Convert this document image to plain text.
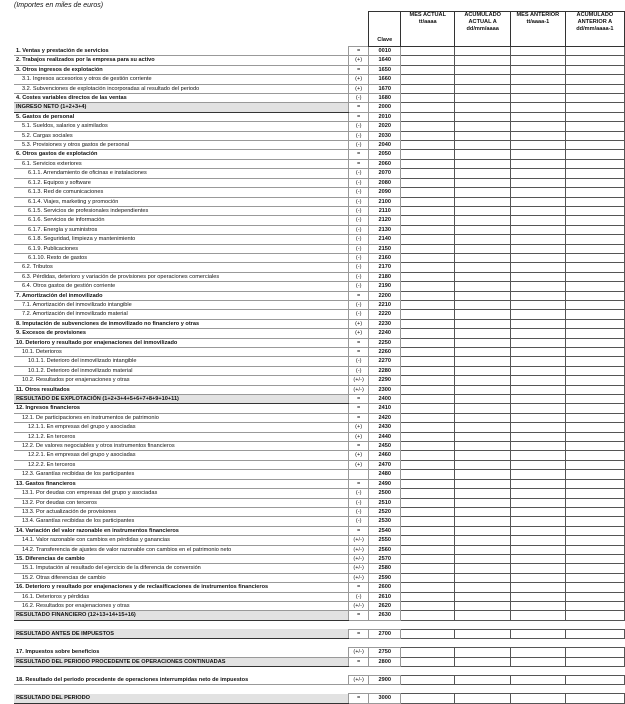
(Importes en miles de euros)
		Clave	MES ACTUAL tt/aaaa	ACUMULADO ACTUAL A dd/mm/aaaa	MES ANTERIOR tt/aaaa-1	ACUMULADO ANTERIOR A dd/mm/aaaa-1
1. Ventas y prestación de servicios	=	0010				
2. Trabajos realizados por la empresa para su activo	(+)	1640				
3. Otros ingresos de explotación	=	1650				
3.1. Ingresos accesorios y otros de gestión corriente	(+)	1660				
3.2. Subvenciones de explotación incorporadas al resultado del periodo	(+)	1670				
4. Costes variables directos de las ventas	(-)	1680				
INGRESO NETO (1+2+3+4)	=	2000				
5. Gastos de personal	=	2010				
5.1. Sueldos, salarios y asimilados	(-)	2020				
5.2. Cargas sociales	(-)	2030				
5.3. Provisiones y otros gastos de personal	(-)	2040				
6. Otros gastos de explotación	=	2050				
6.1. Servicios exteriores	=	2060				
6.1.1. Arrendamiento de oficinas e instalaciones	(-)	2070				
6.1.2. Equipos y software	(-)	2080				
6.1.3. Red de comunicaciones	(-)	2090				
6.1.4. Viajes, marketing y promoción	(-)	2100				
6.1.5. Servicios de profesionales independientes	(-)	2110				
6.1.6. Servicios de información	(-)	2120				
6.1.7. Energía y suministros	(-)	2130				
6.1.8. Seguridad, limpieza y mantenimiento	(-)	2140				
6.1.9. Publicaciones	(-)	2150				
6.1.10. Resto de gastos	(-)	2160				
6.2. Tributos	(-)	2170				
6.3. Pérdidas, deterioro y variación de provisiones por operaciones comerciales	(-)	2180				
6.4. Otros gastos de gestión corriente	(-)	2190				
7. Amortización del inmovilizado	=	2200				
7.1. Amortización del inmovilizado intangible	(-)	2210				
7.2. Amortización del inmovilizado material	(-)	2220				
8. Imputación de subvenciones de inmovilizado no financiero y otras	(+)	2230				
9. Excesos de provisiones	(+)	2240				
10. Deterioro y resultado por enajenaciones del inmovilizado	=	2250				
10.1. Deterioros	=	2260				
10.1.1. Deterioro del inmovilizado intangible	(-)	2270				
10.1.2. Deterioro del inmovilizado material	(-)	2280				
10.2. Resultados por enajenaciones y otras	(+/-)	2290				
11. Otros resultados	(+/-)	2300				
RESULTADO DE EXPLOTACIÓN (1+2+3+4+5+6+7+8+9+10+11)	=	2400				
12. Ingresos financieros	=	2410				
12.1. De participaciones en instrumentos de patrimonio	=	2420				
12.1.1. En empresas del grupo y asociadas	(+)	2430				
12.1.2. En terceros	(+)	2440				
12.2. De valores negociables y otros instrumentos financieros	=	2450				
12.2.1. En empresas del grupo y asociadas	(+)	2460				
12.2.2. En terceros	(+)	2470				
12.3. Garantías recibidas de los participantes		2480				
13. Gastos financieros	=	2490				
13.1. Por deudas con empresas del grupo y asociadas	(-)	2500				
13.2. Por deudas con terceros	(-)	2510				
13.3. Por actualización de provisiones	(-)	2520				
13.4. Garantías recibidas de los participantes	(-)	2530				
14. Variación del valor razonable en instrumentos financieros	=	2540				
14.1. Valor razonable con cambios en pérdidas y ganancias	(+/-)	2550				
14.2. Transferencia de ajustes de valor razonable con cambios en el patrimonio neto	(+/-)	2560				
15. Diferencias de cambio	(+/-)	2570				
15.1. Imputación al resultado del ejercicio de la diferencia de conversión	(+/-)	2580				
15.2. Otras diferencias de cambio	(+/-)	2590				
16. Deterioro y resultado por enajenaciones y de reclasificaciones de instrumentos financieros	=	2600				
16.1. Deterioros y pérdidas	(-)	2610				
16.2. Resultados por enajenaciones y otras	(+/-)	2620				
RESULTADO FINANCIERO (12+13+14+15+16)	=	2630				

RESULTADO ANTES DE IMPUESTOS	=	2700				

17. Impuestos sobre beneficios	(+/-)	2750				
RESULTADO DEL PERIODO PROCEDENTE DE OPERACIONES CONTINUADAS	=	2800				

18. Resultado del periodo procedente de operaciones interrumpidas neto de impuestos	(+/-)	2900				

RESULTADO DEL PERIODO	=	3000				
